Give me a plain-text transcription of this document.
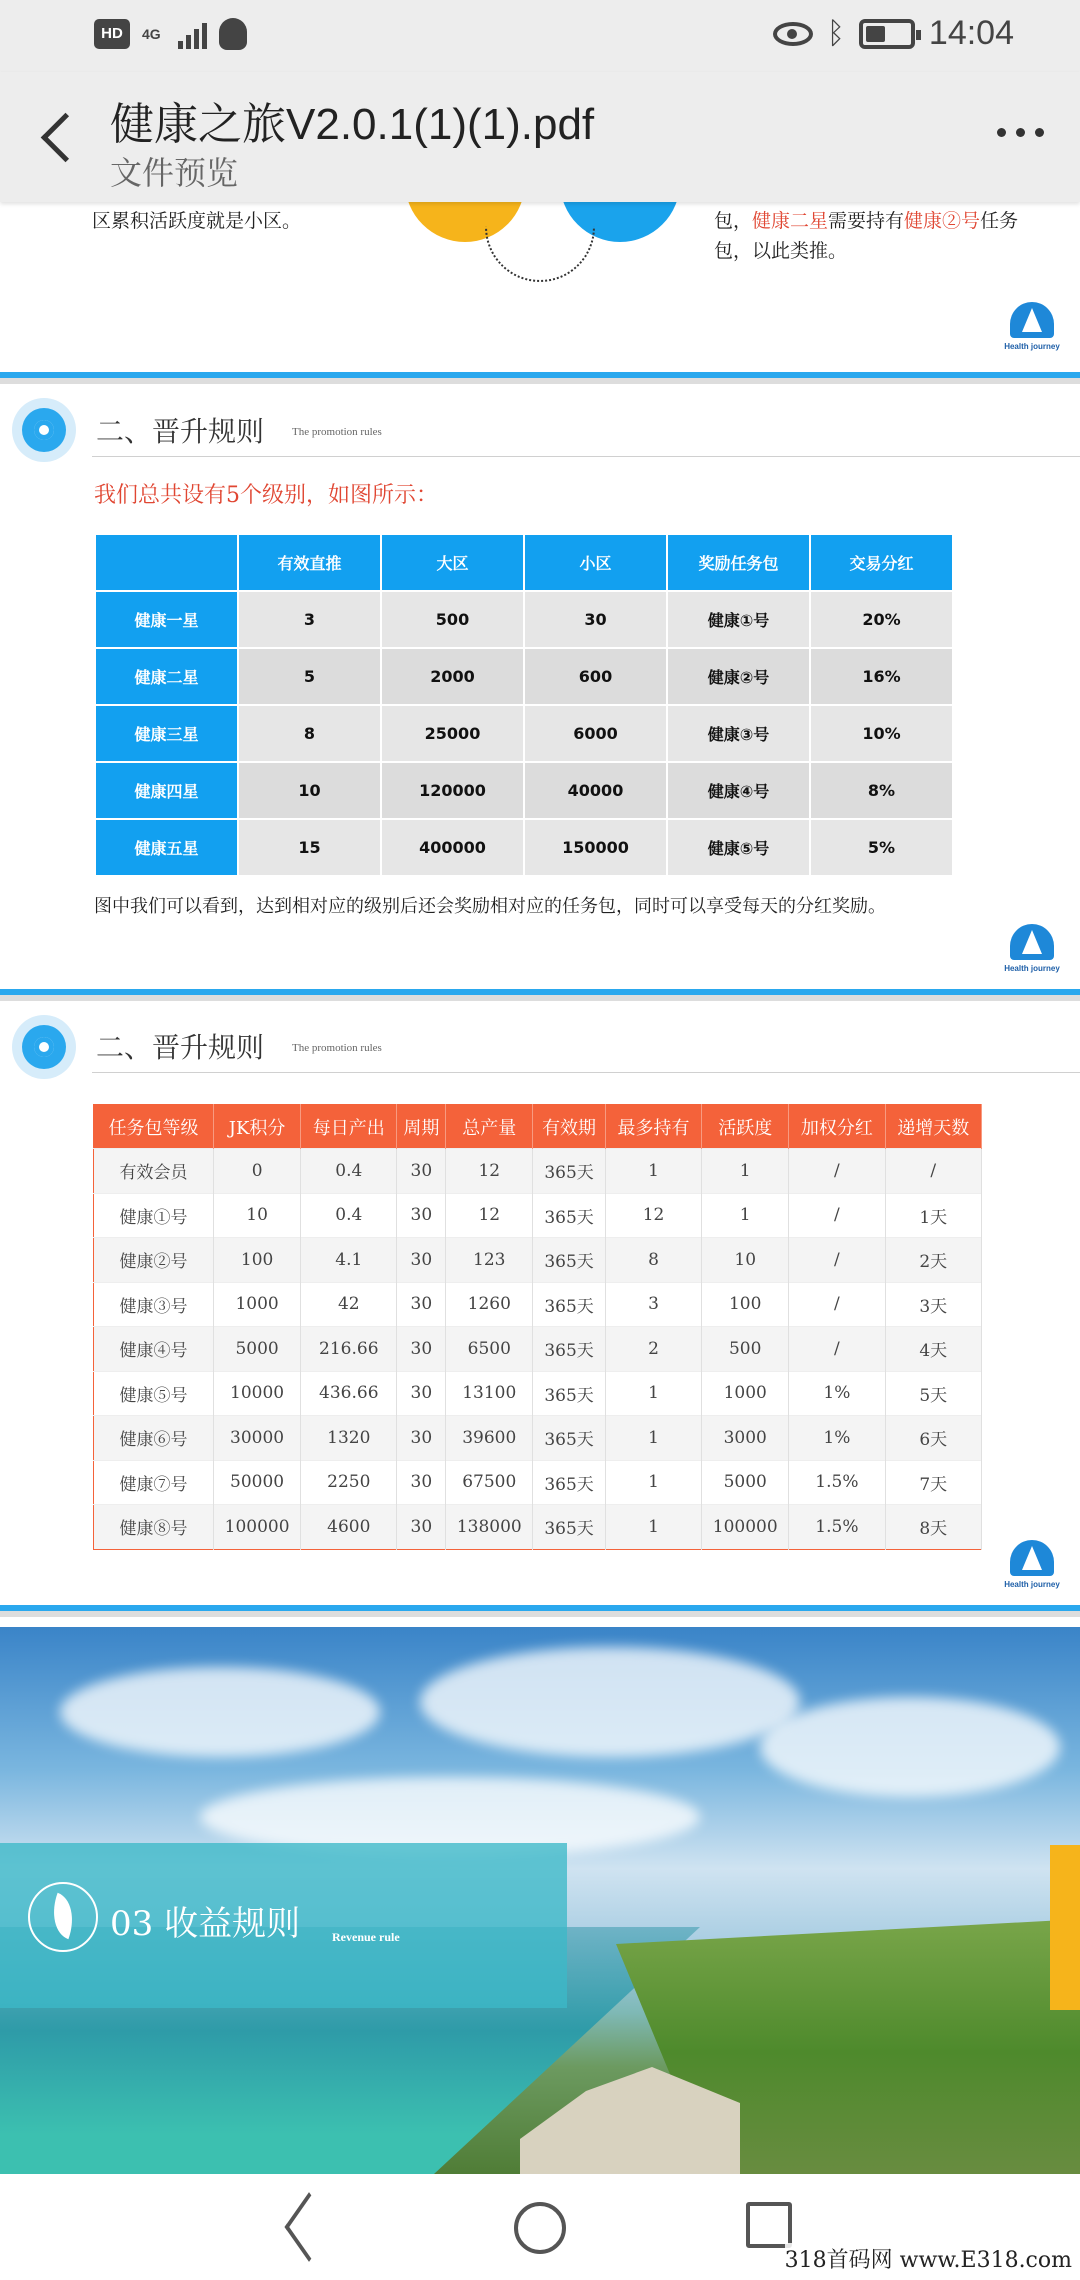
HD	4G	ᛒ 14:04
健康之旅V2.0.1(1)(1).pdf
文件预览
区累积活跃度就是小区。	包，健康二星需要持有健康②号任务
包，以此类推。
Health journey
二、晋升规则	The promotion rules
我们总共设有5个级别，如图所示：
	有效直推	大区	小区	奖励任务包	交易分红
健康一星	3	500	30	健康①号	20%
健康二星	5	2000	600	健康②号	16%
健康三星	8	25000	6000	健康③号	10%
健康四星	10	120000	40000	健康④号	8%
健康五星	15	400000	150000	健康⑤号	5%
图中我们可以看到，达到相对应的级别后还会奖励相对应的任务包，同时可以享受每天的分红奖励。
Health journey
二、晋升规则	The promotion rules
任务包等级	JK积分	每日产出	周期	总产量	有效期	最多持有	活跃度	加权分红	递增天数
有效会员	0	0.4	30	12	365天	1	1	/	/
健康①号	10	0.4	30	12	365天	12	1	/	1天
健康②号	100	4.1	30	123	365天	8	10	/	2天
健康③号	1000	42	30	1260	365天	3	100	/	3天
健康④号	5000	216.66	30	6500	365天	2	500	/	4天
健康⑤号	10000	436.66	30	13100	365天	1	1000	1%	5天
健康⑥号	30000	1320	30	39600	365天	1	3000	1%	6天
健康⑦号	50000	2250	30	67500	365天	1	5000	1.5%	7天
健康⑧号	100000	4600	30	138000	365天	1	100000	1.5%	8天
Health journey
03 收益规则	Revenue rule
318首码网 www.E318.com
